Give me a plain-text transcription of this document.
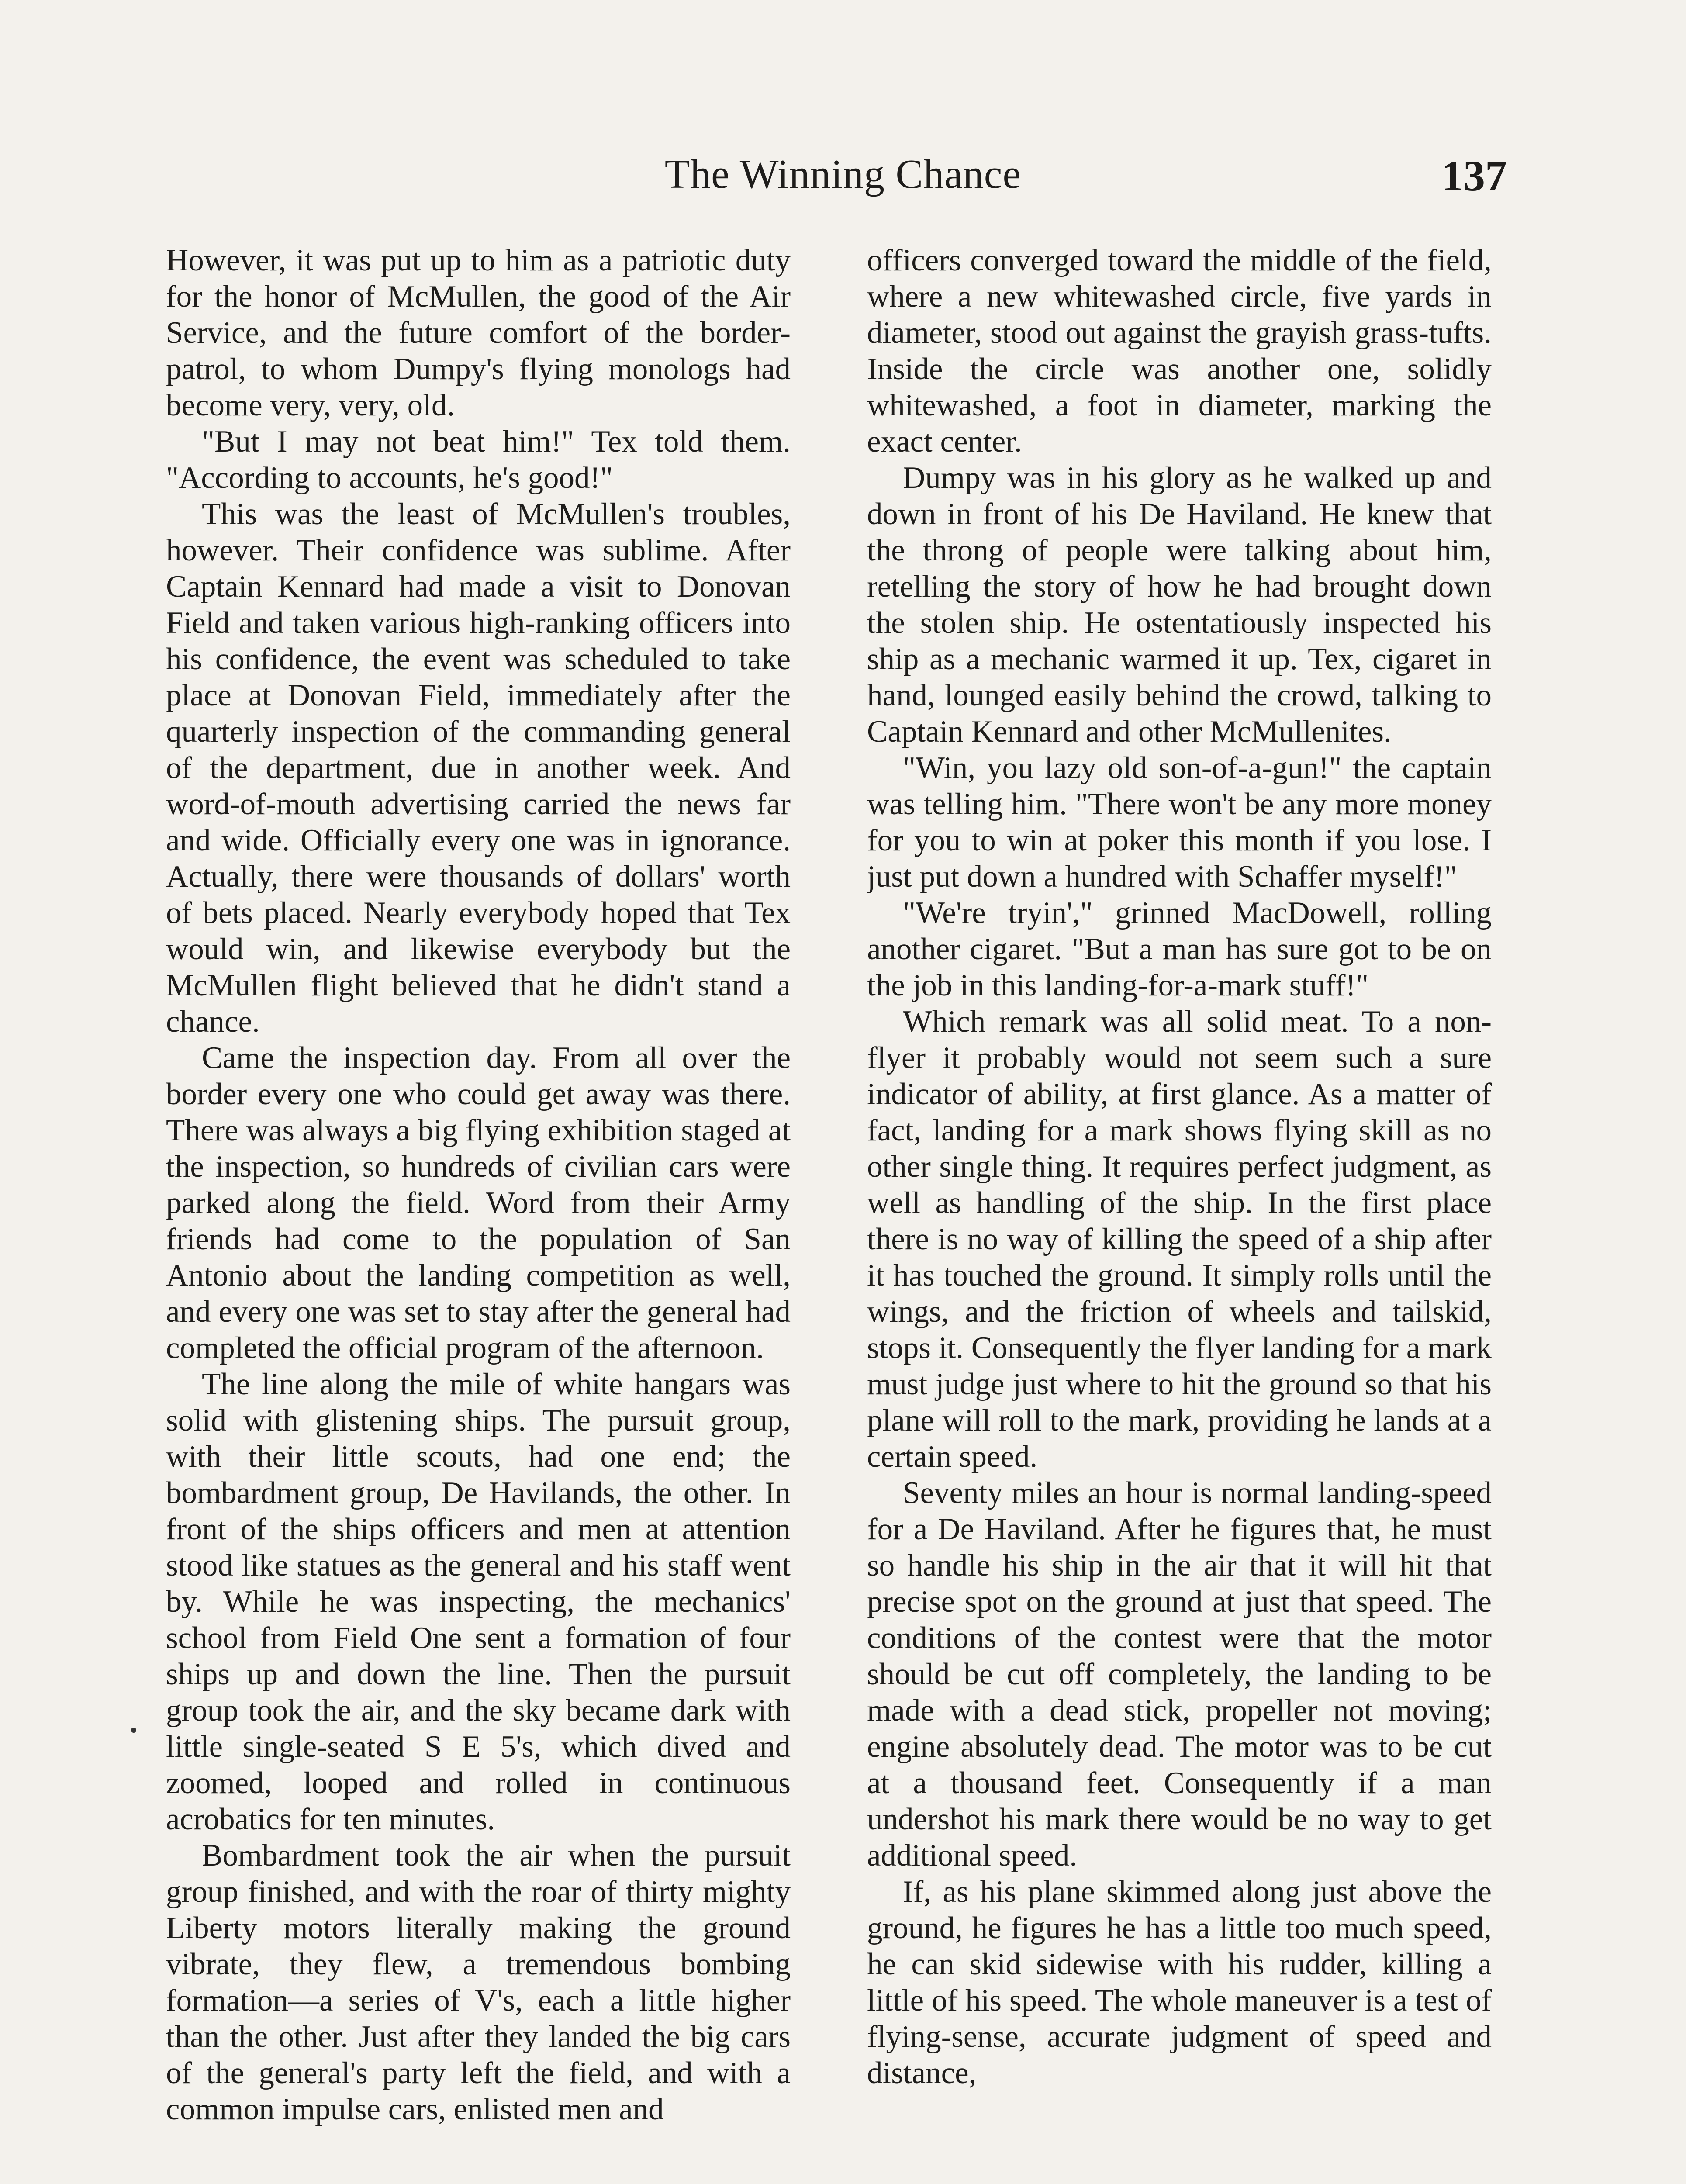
The Winning Chance	137

However, it was put up to him as a patriotic duty for the honor of McMullen, the good of the Air Service, and the future comfort of the border-patrol, to whom Dumpy's flying monologs had become very, very, old.

"But I may not beat him!" Tex told them. "According to accounts, he's good!"

This was the least of McMullen's troubles, however. Their confidence was sublime. After Captain Kennard had made a visit to Donovan Field and taken various high-ranking officers into his confidence, the event was scheduled to take place at Donovan Field, immediately after the quarterly inspection of the commanding general of the department, due in another week. And word-of-mouth advertising carried the news far and wide. Officially every one was in ignorance. Actually, there were thousands of dollars' worth of bets placed. Nearly everybody hoped that Tex would win, and likewise everybody but the McMullen flight believed that he didn't stand a chance.

Came the inspection day. From all over the border every one who could get away was there. There was always a big flying exhibition staged at the inspection, so hundreds of civilian cars were parked along the field. Word from their Army friends had come to the population of San Antonio about the landing competition as well, and every one was set to stay after the general had completed the official program of the afternoon.

The line along the mile of white hangars was solid with glistening ships. The pursuit group, with their little scouts, had one end; the bombardment group, De Havilands, the other. In front of the ships officers and men at attention stood like statues as the general and his staff went by. While he was inspecting, the mechanics' school from Field One sent a formation of four ships up and down the line. Then the pursuit group took the air, and the sky became dark with little single-seated S E 5's, which dived and zoomed, looped and rolled in continuous acrobatics for ten minutes.

Bombardment took the air when the pursuit group finished, and with the roar of thirty mighty Liberty motors literally making the ground vibrate, they flew, a tremendous bombing formation—a series of V's, each a little higher than the other. Just after they landed the big cars of the general's party left the field, and with a common impulse cars, enlisted men and

officers converged toward the middle of the field, where a new whitewashed circle, five yards in diameter, stood out against the grayish grass-tufts. Inside the circle was another one, solidly whitewashed, a foot in diameter, marking the exact center.

Dumpy was in his glory as he walked up and down in front of his De Haviland. He knew that the throng of people were talking about him, retelling the story of how he had brought down the stolen ship. He ostentatiously inspected his ship as a mechanic warmed it up. Tex, cigaret in hand, lounged easily behind the crowd, talking to Captain Kennard and other McMullenites.

"Win, you lazy old son-of-a-gun!" the captain was telling him. "There won't be any more money for you to win at poker this month if you lose. I just put down a hundred with Schaffer myself!"

"We're tryin'," grinned MacDowell, rolling another cigaret. "But a man has sure got to be on the job in this landing-for-a-mark stuff!"

Which remark was all solid meat. To a non-flyer it probably would not seem such a sure indicator of ability, at first glance. As a matter of fact, landing for a mark shows flying skill as no other single thing. It requires perfect judgment, as well as handling of the ship. In the first place there is no way of killing the speed of a ship after it has touched the ground. It simply rolls until the wings, and the friction of wheels and tailskid, stops it. Consequently the flyer landing for a mark must judge just where to hit the ground so that his plane will roll to the mark, providing he lands at a certain speed.

Seventy miles an hour is normal landing-speed for a De Haviland. After he figures that, he must so handle his ship in the air that it will hit that precise spot on the ground at just that speed. The conditions of the contest were that the motor should be cut off completely, the landing to be made with a dead stick, propeller not moving; engine absolutely dead. The motor was to be cut at a thousand feet. Consequently if a man undershot his mark there would be no way to get additional speed.

If, as his plane skimmed along just above the ground, he figures he has a little too much speed, he can skid sidewise with his rudder, killing a little of his speed. The whole maneuver is a test of flying-sense, accurate judgment of speed and distance,
